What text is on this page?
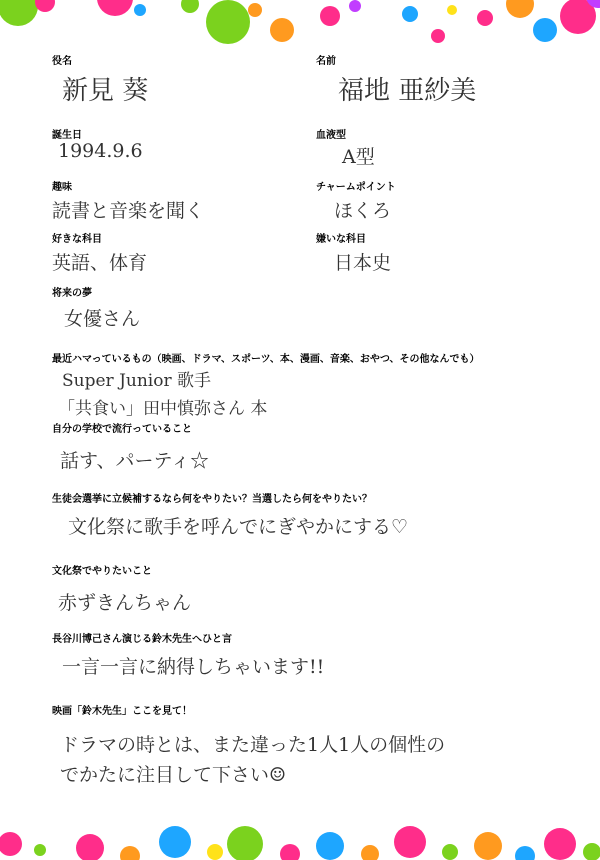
役名
新見 葵
名前
福地 亜紗美
誕生日
1994.9.6
血液型
A型
趣味
読書と音楽を聞く
チャームポイント
ほくろ
好きな科目
英語、体育
嫌いな科目
日本史
将来の夢
女優さん
最近ハマっているもの（映画、ドラマ、スポーツ、本、漫画、音楽、おやつ、その他なんでも）
Super Junior 歌手
「共食い」田中慎弥さん 本
自分の学校で流行っていること
話す、パーティ☆
生徒会選挙に立候補するなら何をやりたい？当選したら何をやりたい？
文化祭に歌手を呼んでにぎやかにする♡
文化祭でやりたいこと
赤ずきんちゃん
長谷川博己さん演じる鈴木先生へひと言
一言一言に納得しちゃいます!!
映画「鈴木先生」ここを見て！
ドラマの時とは、また違った1人1人の個性の
でかたに注目して下さい☺
